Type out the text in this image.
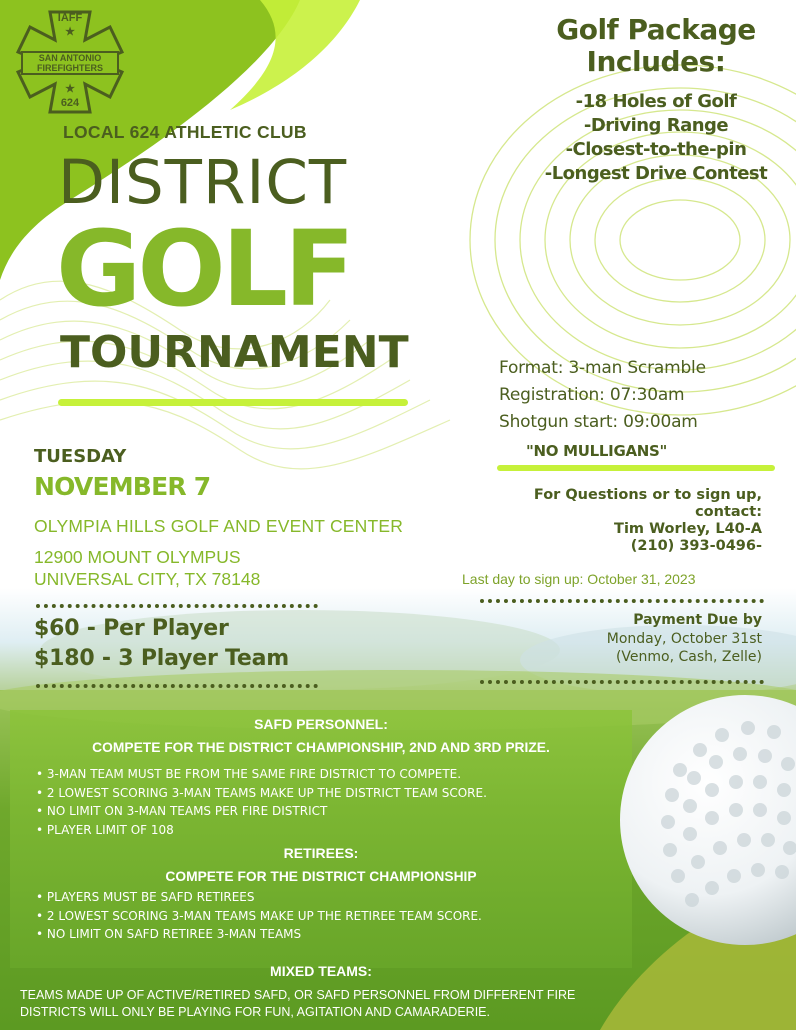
★
★
IAFF
SAN ANTONIO
FIREFIGHTERS
624
LOCAL 624 ATHLETIC CLUB
DISTRICT
GOLF
TOURNAMENT
Golf Package
Includes:
-18 Holes of Golf
-Driving Range
-Closest-to-the-pin
-Longest Drive Contest
Format: 3-man Scramble
Registration: 07:30am
Shotgun start: 09:00am
"NO MULLIGANS"
For Questions or to sign up,
contact:
Tim Worley, L40-A
(210) 393-0496-
Last day to sign up: October 31, 2023
TUESDAY
NOVEMBER 7
OLYMPIA HILLS GOLF AND EVENT CENTER
12900 MOUNT OLYMPUS
UNIVERSAL CITY, TX 78148
$60 - Per Player
$180 - 3 Player Team
Payment Due by
Monday, October 31st
(Venmo, Cash, Zelle)
SAFD PERSONNEL:
COMPETE FOR THE DISTRICT CHAMPIONSHIP, 2ND AND 3RD PRIZE.
• 3-MAN TEAM MUST BE FROM THE SAME FIRE DISTRICT TO COMPETE.
• 2 LOWEST SCORING 3-MAN TEAMS MAKE UP THE DISTRICT TEAM SCORE.
• NO LIMIT ON 3-MAN TEAMS PER FIRE DISTRICT
• PLAYER LIMIT OF 108
RETIREES:
COMPETE FOR THE DISTRICT CHAMPIONSHIP
• PLAYERS MUST BE SAFD RETIREES
• 2 LOWEST SCORING 3-MAN TEAMS MAKE UP THE RETIREE TEAM SCORE.
• NO LIMIT ON SAFD RETIREE 3-MAN TEAMS
MIXED TEAMS:
TEAMS MADE UP OF ACTIVE/RETIRED SAFD, OR SAFD PERSONNEL FROM DIFFERENT FIRE
DISTRICTS WILL ONLY BE PLAYING FOR FUN, AGITATION AND CAMARADERIE.
